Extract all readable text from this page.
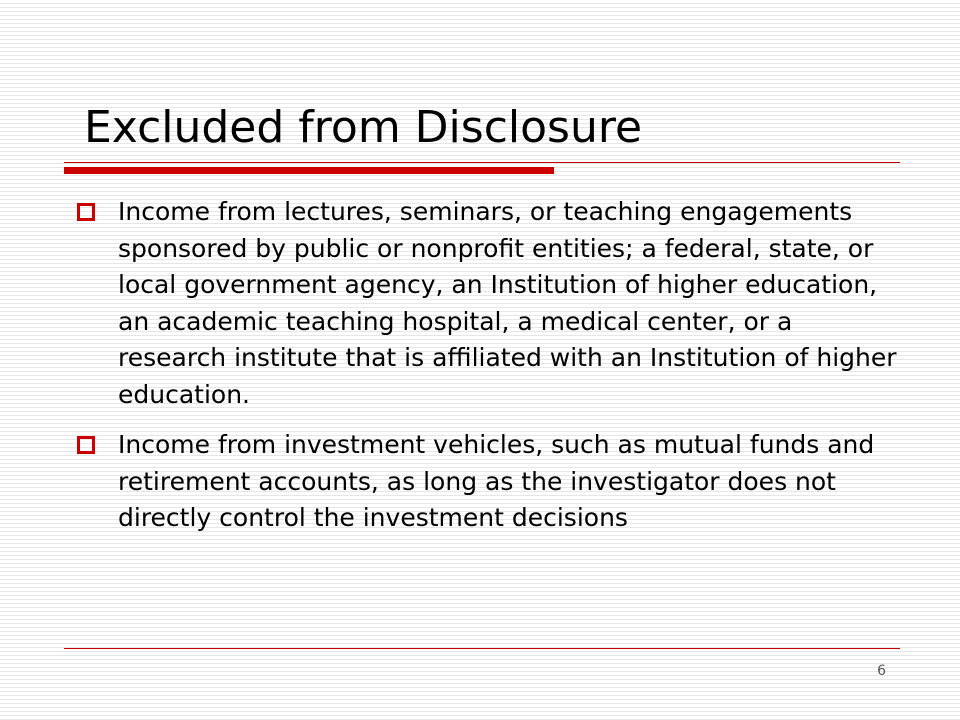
Excluded from Disclosure
Income from lectures, seminars, or teaching engagements sponsored by public or nonprofit entities; a federal, state, or local government agency, an Institution of higher education, an academic teaching hospital, a medical center, or a research institute that is affiliated with an Institution of higher education.
Income from investment vehicles, such as mutual funds and retirement accounts, as long as the investigator does not directly control the investment decisions
6
